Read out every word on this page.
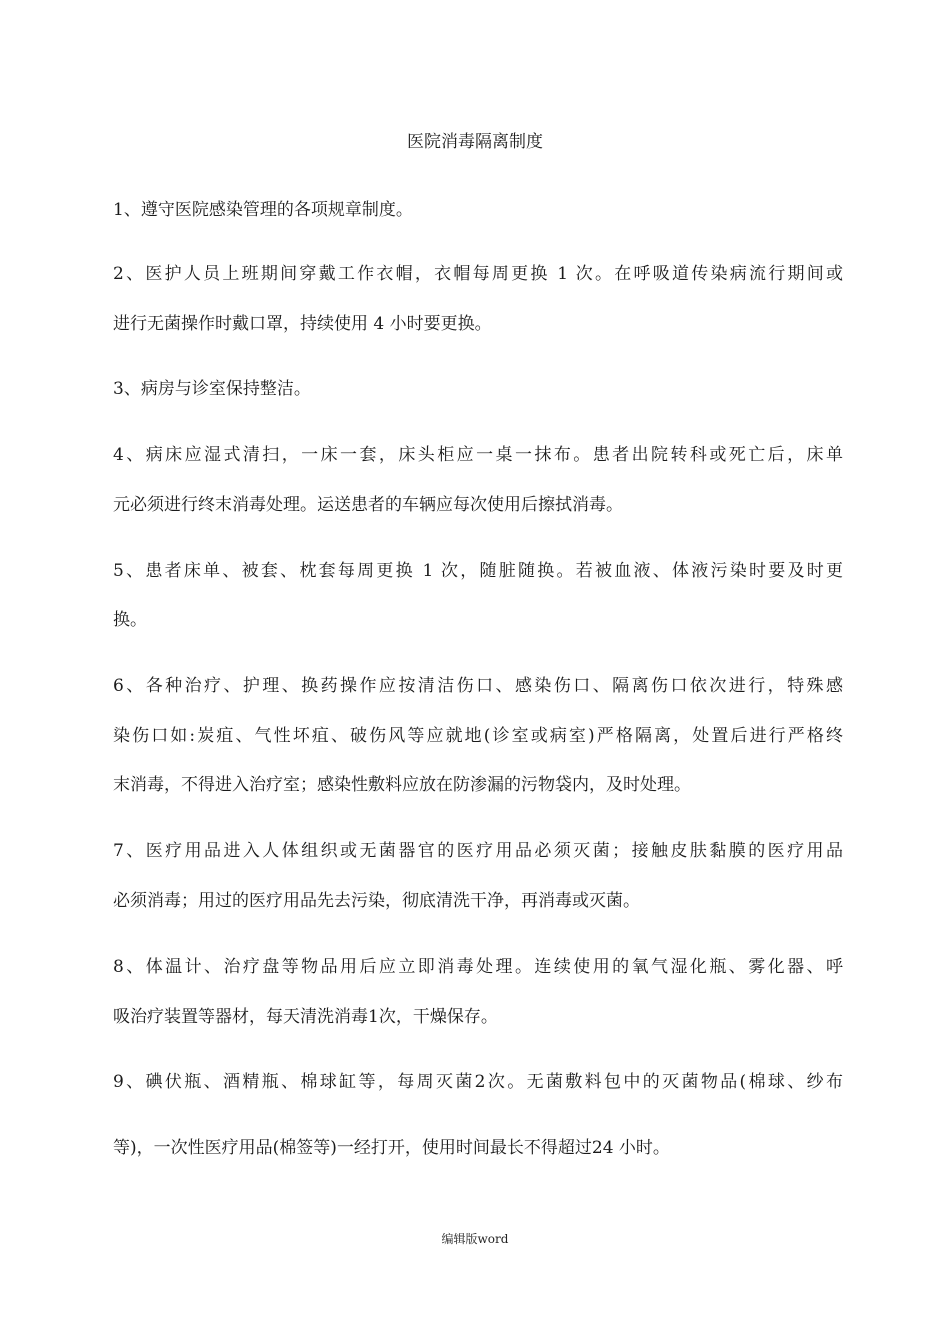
医院消毒隔离制度
1、遵守医院感染管理的各项规章制度。
2、医护人员上班期间穿戴工作衣帽，衣帽每周更换 1 次。在呼吸道传染病流行期间或
进行无菌操作时戴口罩，持续使用 4 小时要更换。
3、病房与诊室保持整洁。
4、病床应湿式清扫，一床一套，床头柜应一桌一抹布。患者出院转科或死亡后，床单
元必须进行终末消毒处理。运送患者的车辆应每次使用后擦拭消毒。
5、患者床单、被套、枕套每周更换 1 次，随脏随换。若被血液、体液污染时要及时更
换。
6、各种治疗、护理、换药操作应按清洁伤口、感染伤口、隔离伤口依次进行，特殊感
染伤口如:炭疽、气性坏疽、破伤风等应就地(诊室或病室)严格隔离，处置后进行严格终
末消毒，不得进入治疗室；感染性敷料应放在防渗漏的污物袋内，及时处理。
7、医疗用品进入人体组织或无菌器官的医疗用品必须灭菌；接触皮肤黏膜的医疗用品
必须消毒；用过的医疗用品先去污染，彻底清洗干净，再消毒或灭菌。
8、体温计、治疗盘等物品用后应立即消毒处理。连续使用的氧气湿化瓶、雾化器、呼
吸治疗装置等器材，每天清洗消毒1次，干燥保存。
9、碘伏瓶、酒精瓶、棉球缸等，每周灭菌2次。无菌敷料包中的灭菌物品(棉球、纱布
等)，一次性医疗用品(棉签等)一经打开，使用时间最长不得超过24 小时。
编辑版word
